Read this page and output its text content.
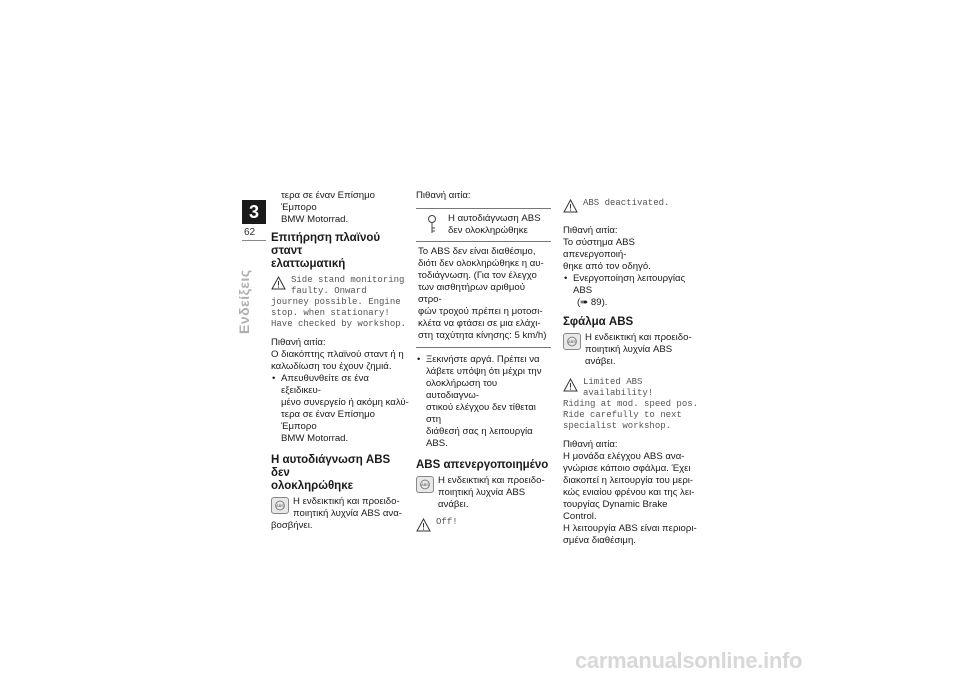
3
62
Ενδείξεις

τερα σε έναν Επίσημο Έμπορο

BMW Motorrad.

Επιτήρηση πλαϊνού σταντ

ελαττωματική

Side stand monitoring

faulty. Onward

journey possible. Engine

stop. when stationary!

Have checked by workshop.

Πιθανή αιτία:

Ο διακόπτης πλαϊνού σταντ ή η

καλωδίωση του έχουν ζημιά.

• Απευθυνθείτε σε ένα εξειδικευ-

μένο συνεργείο ή ακόμη καλύ-

τερα σε έναν Επίσημο Έμπορο

BMW Motorrad.

Η αυτοδιάγνωση ABS δεν

ολοκληρώθηκε

ABS Η ενδεικτική και προειδο-

ποιητική λυχνία ABS ανα-

βοσβήνει.

Πιθανή αιτία:

Η αυτοδιάγνωση ABS

δεν ολοκληρώθηκε

Το ABS δεν είναι διαθέσιμο,

διότι δεν ολοκληρώθηκε η αυ-

τοδιάγνωση. (Για τον έλεγχο

των αισθητήρων αριθμού στρο-

φών τροχού πρέπει η μοτοσι-

κλέτα να φτάσει σε μια ελάχι-

στη ταχύτητα κίνησης: 5 km/h)

• Ξεκινήστε αργά. Πρέπει να

λάβετε υπόψη ότι μέχρι την

ολοκλήρωση του αυτοδιαγνω-

στικού ελέγχου δεν τίθεται στη

διάθεσή σας η λειτουργία ABS.

ABS απενεργοποιημένο

ABS Η ενδεικτική και προειδο-

ποιητική λυχνία ABS ανάβει.

Off!

ABS deactivated.

Πιθανή αιτία:

Το σύστημα ABS απενεργοποιή-

θηκε από τον οδηγό.

• Ενεργοποίηση λειτουργίας ABS

(➠ 89).

Σφάλμα ABS

ABS Η ενδεικτική και προειδο-

ποιητική λυχνία ABS ανάβει.

Limited ABS

availability!

Riding at mod. speed pos.

Ride carefully to next

specialist workshop.

Πιθανή αιτία:

Η μονάδα ελέγχου ABS ανα-

γνώρισε κάποιο σφάλμα. Έχει

διακοπεί η λειτουργία του μερι-

κώς ενιαίου φρένου και της λει-

τουργίας Dynamic Brake Control.

Η λειτουργία ABS είναι περιορι-

σμένα διαθέσιμη.

carmanualsonline.info
